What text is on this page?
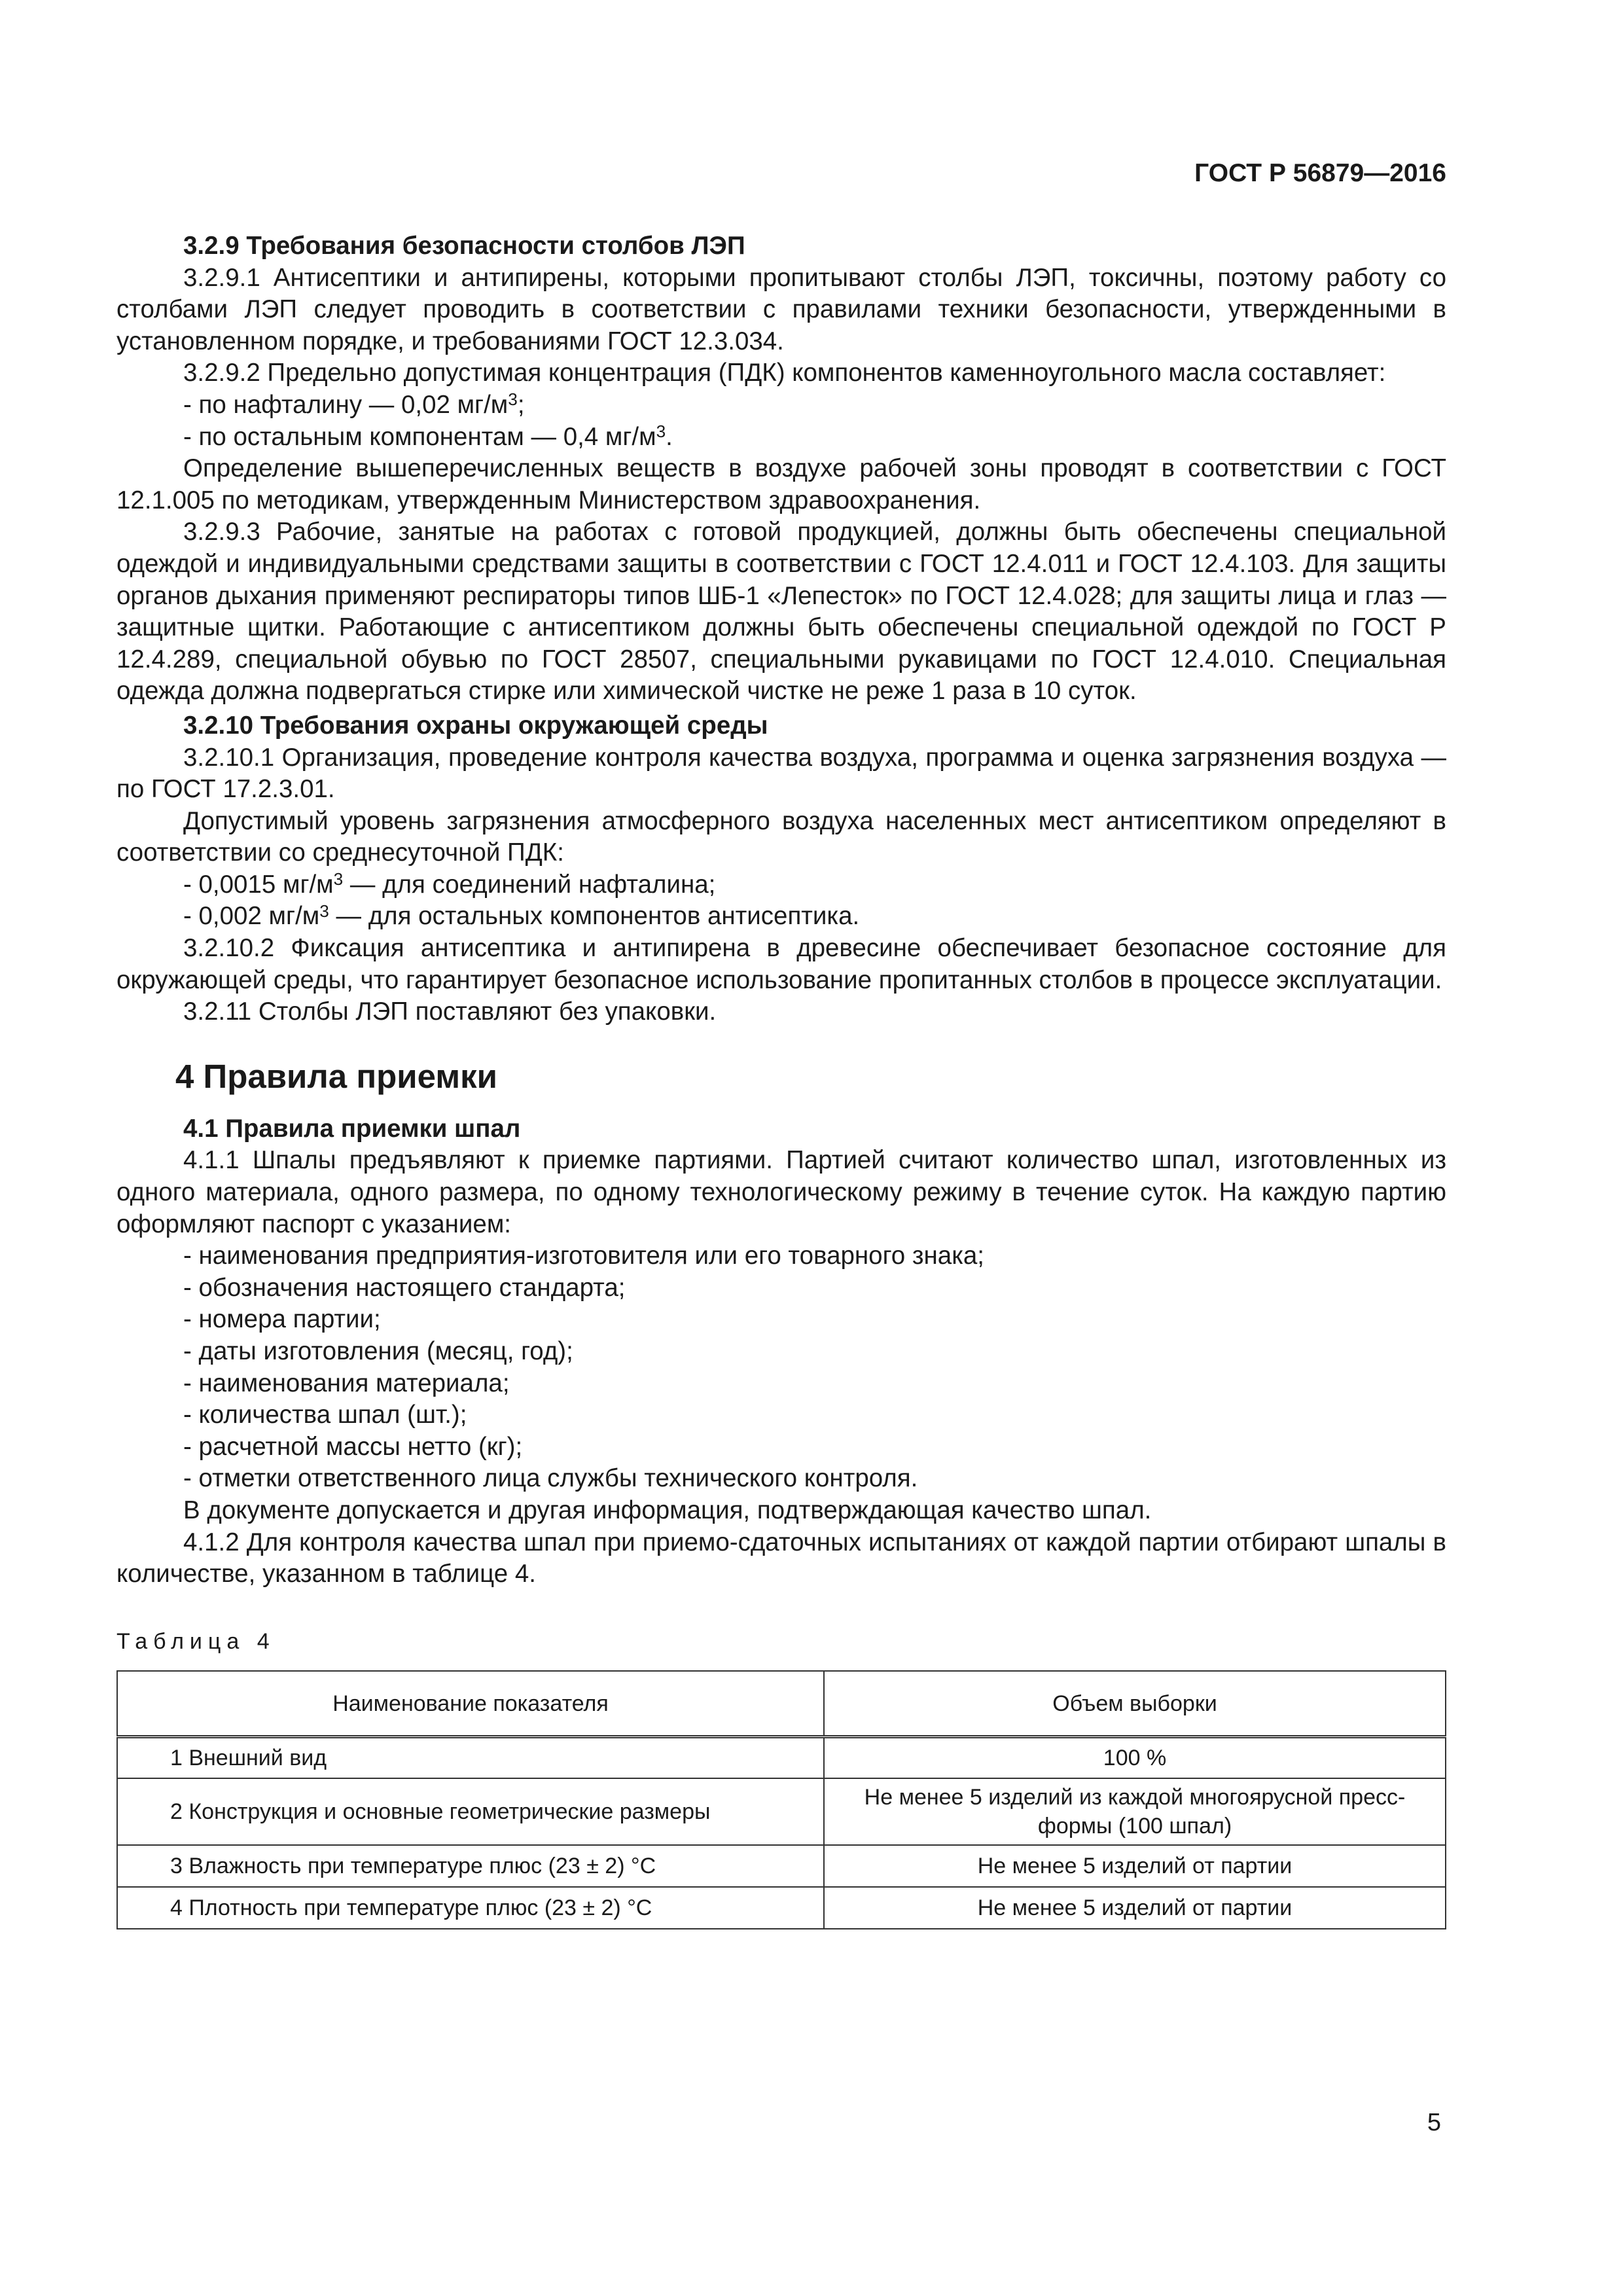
ГОСТ Р 56879—2016
3.2.9 Требования безопасности столбов ЛЭП
3.2.9.1 Антисептики и антипирены, которыми пропитывают столбы ЛЭП, токсичны, поэтому работу со столбами ЛЭП следует проводить в соответствии с правилами техники безопасности, утвержденными в установленном порядке, и требованиями ГОСТ 12.3.034.
3.2.9.2 Предельно допустимая концентрация (ПДК) компонентов каменноугольного масла составляет:
- по нафталину — 0,02 $мг/м^3$;
- по остальным компонентам — 0,4 $мг/м^3$.
Определение вышеперечисленных веществ в воздухе рабочей зоны проводят в соответствии с ГОСТ 12.1.005 по методикам, утвержденным Министерством здравоохранения.
3.2.9.3 Рабочие, занятые на работах с готовой продукцией, должны быть обеспечены специальной одеждой и индивидуальными средствами защиты в соответствии с ГОСТ 12.4.011 и ГОСТ 12.4.103. Для защиты органов дыхания применяют респираторы типов ШБ-1 «Лепесток» по ГОСТ 12.4.028; для защиты лица и глаз — защитные щитки. Работающие с антисептиком должны быть обеспечены специальной одеждой по ГОСТ Р 12.4.289, специальной обувью по ГОСТ 28507, специальными рукавицами по ГОСТ 12.4.010. Специальная одежда должна подвергаться стирке или химической чистке не реже 1 раза в 10 суток.
3.2.10 Требования охраны окружающей среды
3.2.10.1 Организация, проведение контроля качества воздуха, программа и оценка загрязнения воздуха — по ГОСТ 17.2.3.01.
Допустимый уровень загрязнения атмосферного воздуха населенных мест антисептиком определяют в соответствии со среднесуточной ПДК:
- 0,0015 $мг/м^3$ — для соединений нафталина;
- 0,002 $мг/м^3$ — для остальных компонентов антисептика.
3.2.10.2 Фиксация антисептика и антипирена в древесине обеспечивает безопасное состояние для окружающей среды, что гарантирует безопасное использование пропитанных столбов в процессе эксплуатации.
3.2.11 Столбы ЛЭП поставляют без упаковки.
4 Правила приемки
4.1 Правила приемки шпал
4.1.1 Шпалы предъявляют к приемке партиями. Партией считают количество шпал, изготовленных из одного материала, одного размера, по одному технологическому режиму в течение суток. На каждую партию оформляют паспорт с указанием:
- наименования предприятия-изготовителя или его товарного знака;
- обозначения настоящего стандарта;
- номера партии;
- даты изготовления (месяц, год);
- наименования материала;
- количества шпал (шт.);
- расчетной массы нетто (кг);
- отметки ответственного лица службы технического контроля.
В документе допускается и другая информация, подтверждающая качество шпал.
4.1.2 Для контроля качества шпал при приемо-сдаточных испытаниях от каждой партии отбирают шпалы в количестве, указанном в таблице 4.
Таблица 4
Наименование показателя	Объем выборки
1 Внешний вид	100 %
2 Конструкция и основные геометрические размеры	Не менее 5 изделий из каждой многоярусной пресс-формы (100 шпал)
3 Влажность при температуре плюс (23 ± 2) °С	Не менее 5 изделий от партии
4 Плотность при температуре плюс (23 ± 2) °С	Не менее 5 изделий от партии
5
